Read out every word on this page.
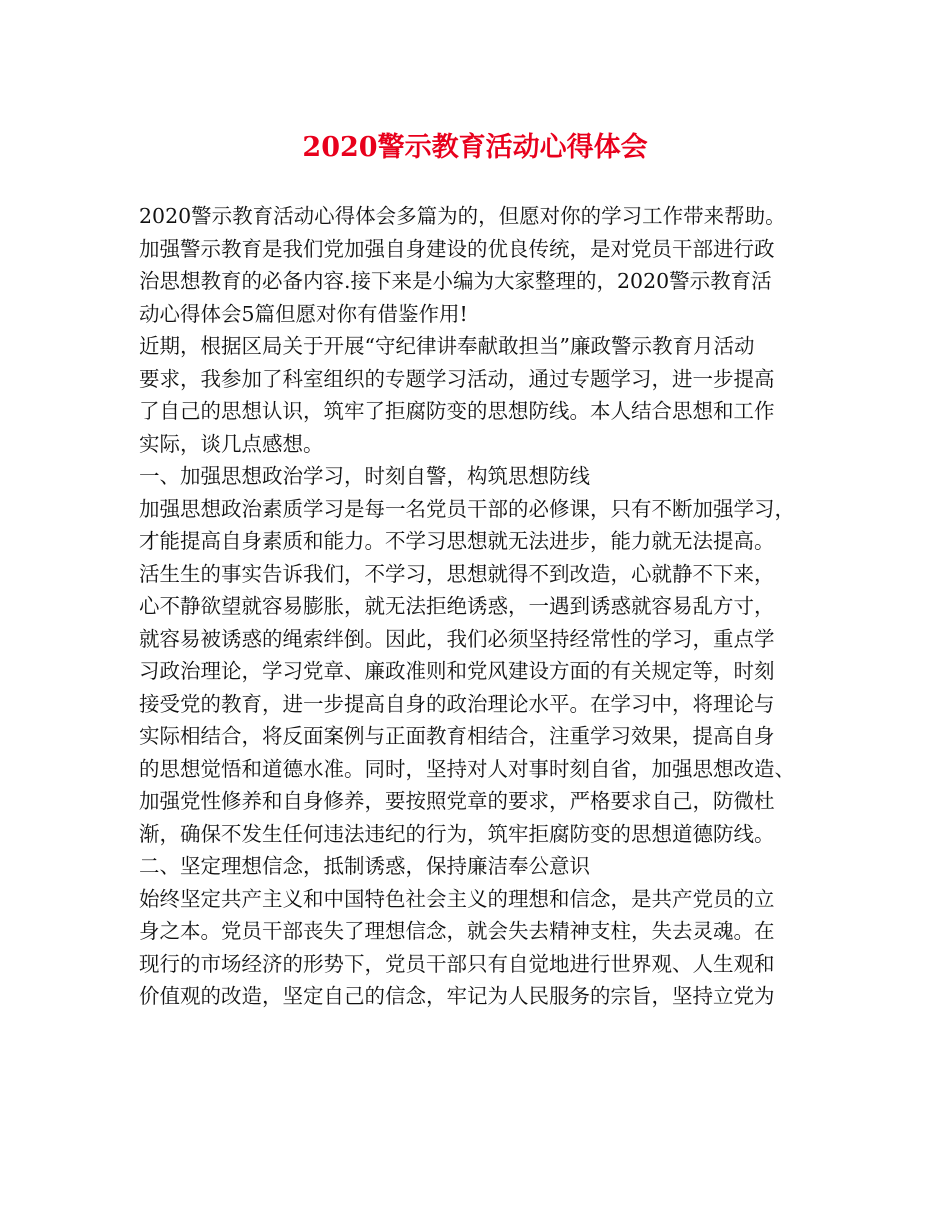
2020警示教育活动心得体会
2020警示教育活动心得体会多篇为的，但愿对你的学习工作带来帮助。
加强警示教育是我们党加强自身建设的优良传统，是对党员干部进行政
治思想教育的必备内容.接下来是小编为大家整理的，2020警示教育活
动心得体会5篇但愿对你有借鉴作用!
近期，根据区局关于开展“守纪律讲奉献敢担当”廉政警示教育月活动
要求，我参加了科室组织的专题学习活动，通过专题学习，进一步提高
了自己的思想认识，筑牢了拒腐防变的思想防线。本人结合思想和工作
实际，谈几点感想。
一、加强思想政治学习，时刻自警，构筑思想防线
加强思想政治素质学习是每一名党员干部的必修课，只有不断加强学习，
才能提高自身素质和能力。不学习思想就无法进步，能力就无法提高。
活生生的事实告诉我们，不学习，思想就得不到改造，心就静不下来，
心不静欲望就容易膨胀，就无法拒绝诱惑，一遇到诱惑就容易乱方寸，
就容易被诱惑的绳索绊倒。因此，我们必须坚持经常性的学习，重点学
习政治理论，学习党章、廉政准则和党风建设方面的有关规定等，时刻
接受党的教育，进一步提高自身的政治理论水平。在学习中，将理论与
实际相结合，将反面案例与正面教育相结合，注重学习效果，提高自身
的思想觉悟和道德水准。同时，坚持对人对事时刻自省，加强思想改造、
加强党性修养和自身修养，要按照党章的要求，严格要求自己，防微杜
渐，确保不发生任何违法违纪的行为，筑牢拒腐防变的思想道德防线。
二、坚定理想信念，抵制诱惑，保持廉洁奉公意识
始终坚定共产主义和中国特色社会主义的理想和信念，是共产党员的立
身之本。党员干部丧失了理想信念，就会失去精神支柱，失去灵魂。在
现行的市场经济的形势下，党员干部只有自觉地进行世界观、人生观和
价值观的改造，坚定自己的信念，牢记为人民服务的宗旨，坚持立党为
